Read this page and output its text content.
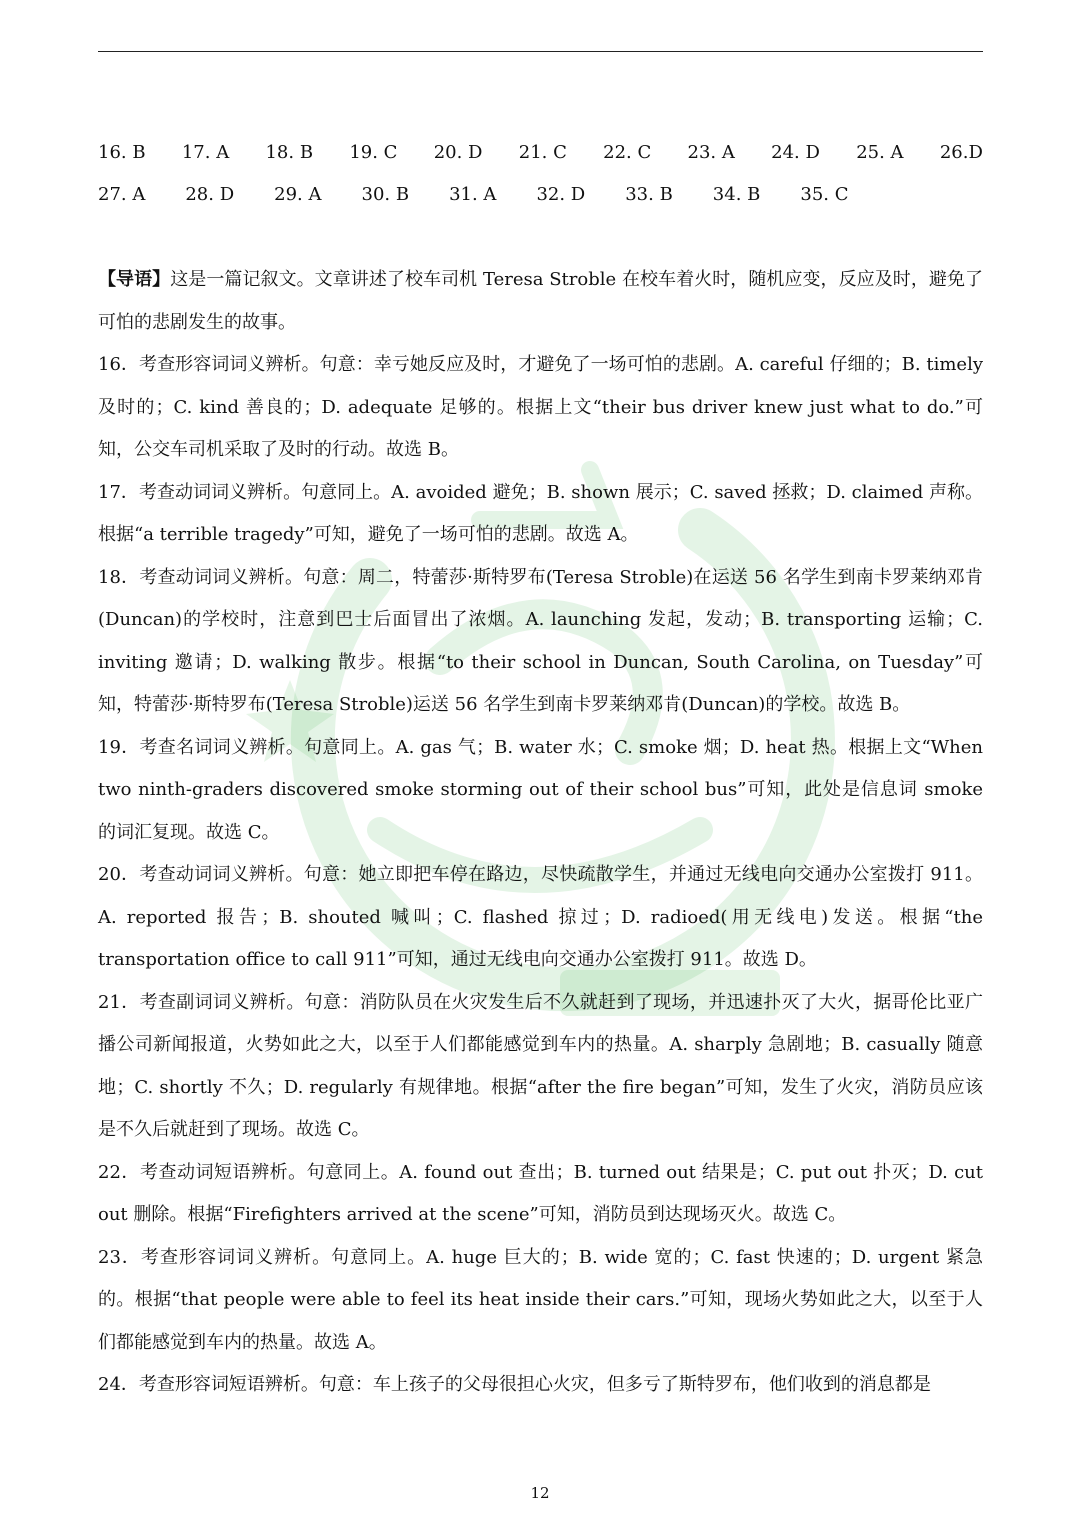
16. B 17. A 18. B 19. C 20. D 21. C 22. C 23. A 24. D 25. A 26.D
27. A 28. D 29. A 30. B 31. A 32. D 33. B 34. B 35. C

【导语】这是一篇记叙文。文章讲述了校车司机 Teresa Stroble 在校车着火时，随机应变，反应及时，避免了可怕的悲剧发生的故事。

16．考查形容词词义辨析。句意：幸亏她反应及时，才避免了一场可怕的悲剧。A. careful 仔细的；B. timely 及时的；C. kind 善良的；D. adequate 足够的。根据上文“their bus driver knew just what to do.”可知，公交车司机采取了及时的行动。故选 B。

17．考查动词词义辨析。句意同上。A. avoided 避免；B. shown 展示；C. saved 拯救；D. claimed 声称。根据“a terrible tragedy”可知，避免了一场可怕的悲剧。故选 A。

18．考查动词词义辨析。句意：周二，特蕾莎·斯特罗布(Teresa Stroble)在运送 56 名学生到南卡罗莱纳邓肯(Duncan)的学校时，注意到巴士后面冒出了浓烟。A. launching 发起，发动；B. transporting 运输；C. inviting 邀请；D. walking 散步。根据“to their school in Duncan, South Carolina, on Tuesday”可知，特蕾莎·斯特罗布(Teresa Stroble)运送 56 名学生到南卡罗莱纳邓肯(Duncan)的学校。故选 B。

19．考查名词词义辨析。句意同上。A. gas 气；B. water 水；C. smoke 烟；D. heat 热。根据上文“When two ninth-graders discovered smoke storming out of their school bus”可知，此处是信息词 smoke 的词汇复现。故选 C。

20．考查动词词义辨析。句意：她立即把车停在路边，尽快疏散学生，并通过无线电向交通办公室拨打 911。A. reported 报告；B. shouted 喊叫；C. flashed 掠过；D. radioed(用无线电)发送。根据“the transportation office to call 911”可知，通过无线电向交通办公室拨打 911。故选 D。

21．考查副词词义辨析。句意：消防队员在火灾发生后不久就赶到了现场，并迅速扑灭了大火，据哥伦比亚广播公司新闻报道，火势如此之大，以至于人们都能感觉到车内的热量。A. sharply 急剧地；B. casually 随意地；C. shortly 不久；D. regularly 有规律地。根据“after the fire began”可知，发生了火灾，消防员应该是不久后就赶到了现场。故选 C。

22．考查动词短语辨析。句意同上。A. found out 查出；B. turned out 结果是；C. put out 扑灭；D. cut out 删除。根据“Firefighters arrived at the scene”可知，消防员到达现场灭火。故选 C。

23．考查形容词词义辨析。句意同上。A. huge 巨大的；B. wide 宽的；C. fast 快速的；D. urgent 紧急的。根据“that people were able to feel its heat inside their cars.”可知，现场火势如此之大，以至于人们都能感觉到车内的热量。故选 A。

24．考查形容词短语辨析。句意：车上孩子的父母很担心火灾，但多亏了斯特罗布，他们收到的消息都是

12
